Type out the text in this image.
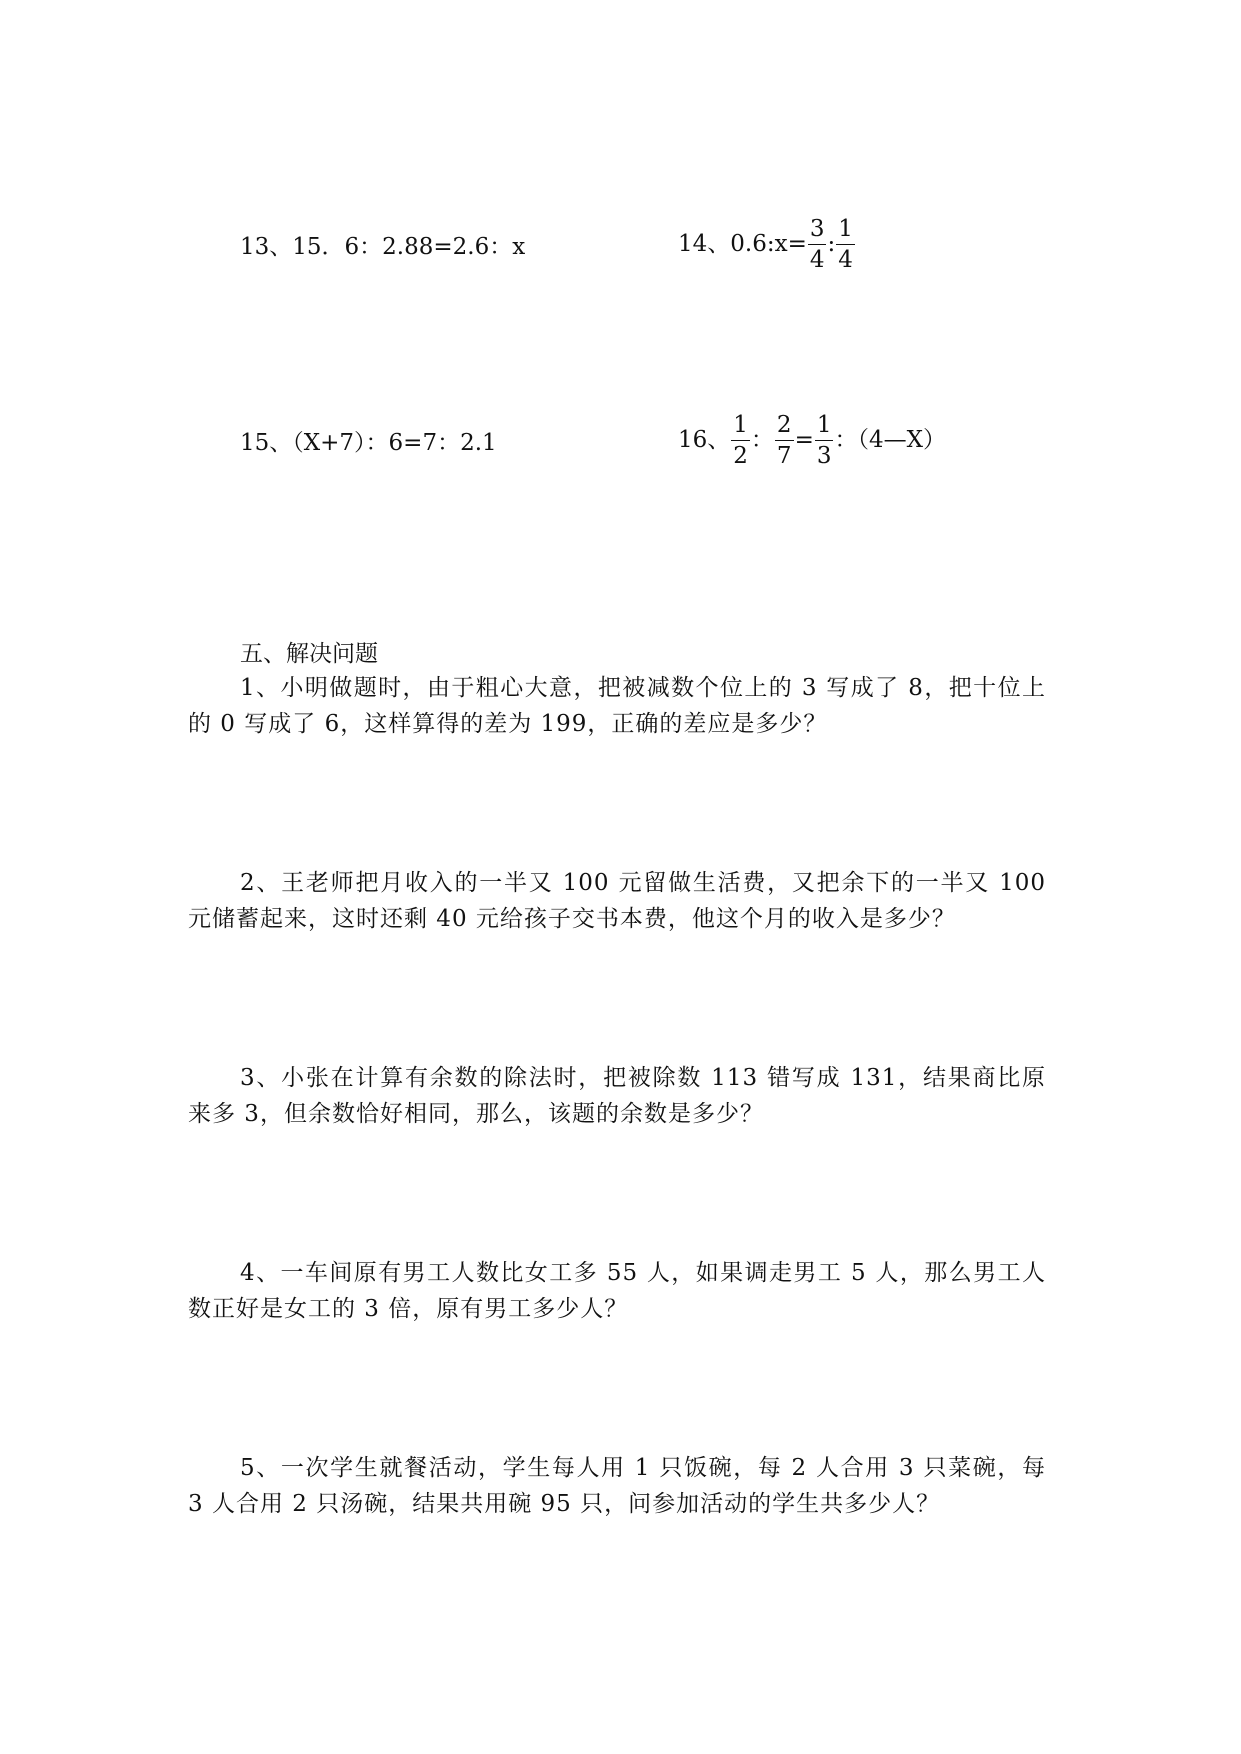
13、15．6：2.88=2.6：x	14、0.6:x= $\frac{3}{4}$ : $\frac{1}{4}$
15、（X+7）：6=7：2.1	16、 $\frac{1}{2}$ ： $\frac{2}{7} = \frac{1}{3}$ ：（4—X）
五、解决问题
1、小明做题时，由于粗心大意，把被减数个位上的 3 写成了 8，把十位上的 0 写成了 6，这样算得的差为 199，正确的差应是多少？
2、王老师把月收入的一半又 100 元留做生活费，又把余下的一半又 100 元储蓄起来，这时还剩 40 元给孩子交书本费，他这个月的收入是多少？
3、小张在计算有余数的除法时，把被除数 113 错写成 131，结果商比原来多 3，但余数恰好相同，那么，该题的余数是多少？
4、一车间原有男工人数比女工多 55 人，如果调走男工 5 人，那么男工人数正好是女工的 3 倍，原有男工多少人？
5、一次学生就餐活动，学生每人用 1 只饭碗，每 2 人合用 3 只菜碗，每 3 人合用 2 只汤碗，结果共用碗 95 只，问参加活动的学生共多少人？
